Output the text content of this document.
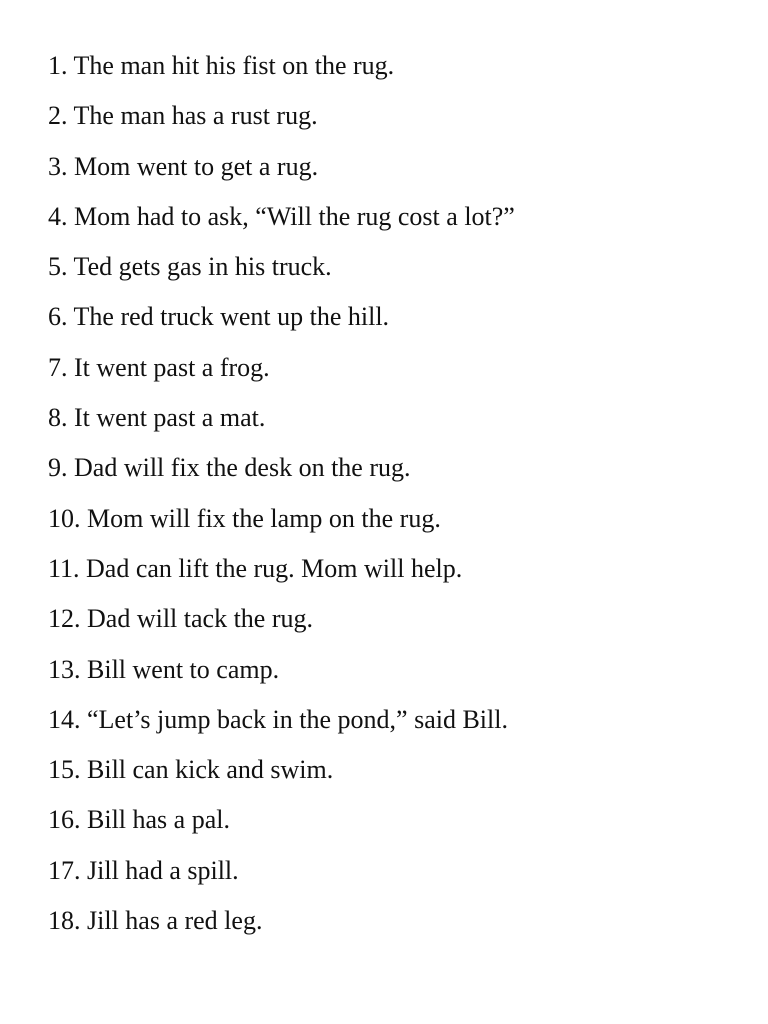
1. The man hit his fist on the rug.
2. The man has a rust rug.
3. Mom went to get a rug.
4. Mom had to ask, “Will the rug cost a lot?”
5. Ted gets gas in his truck.
6. The red truck went up the hill.
7. It went past a frog.
8. It went past a mat.
9. Dad will fix the desk on the rug.
10. Mom will fix the lamp on the rug.
11. Dad can lift the rug. Mom will help.
12. Dad will tack the rug.
13. Bill went to camp.
14. “Let’s jump back in the pond,” said Bill.
15. Bill can kick and swim.
16. Bill has a pal.
17. Jill had a spill.
18. Jill has a red leg.
